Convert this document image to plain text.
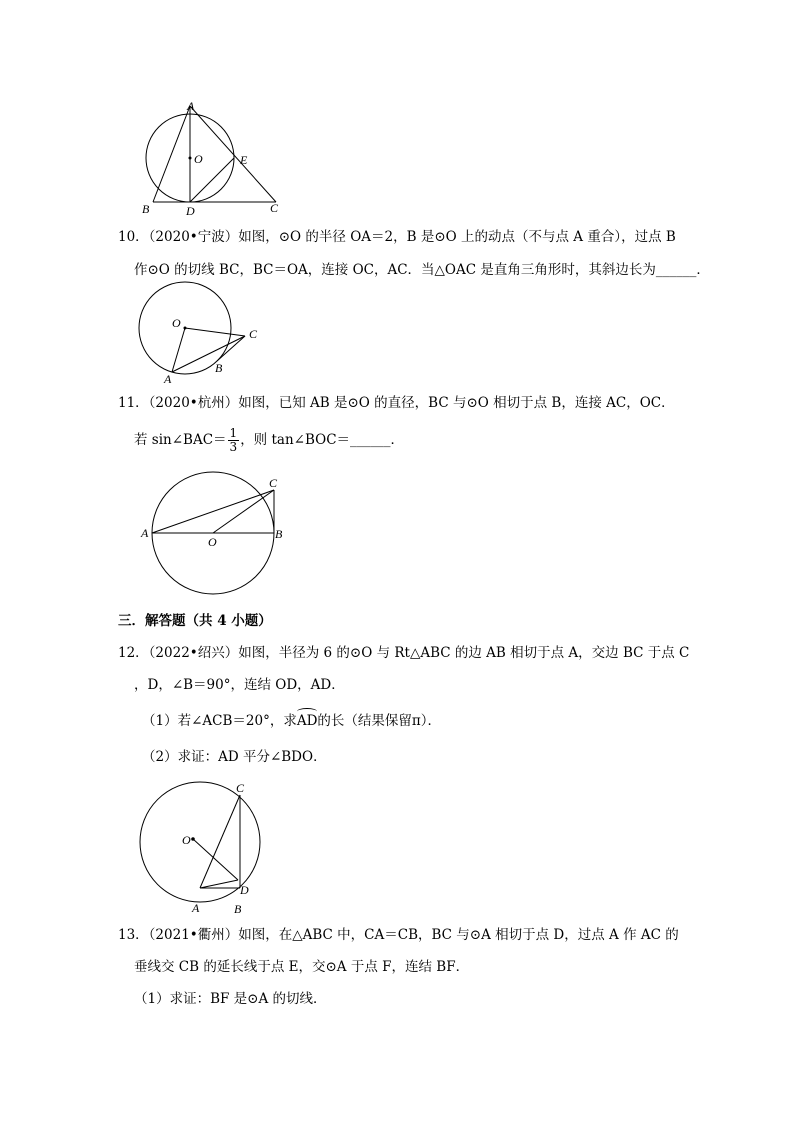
A
O	E
B	D	C
10．（2020•宁波）如图，⊙O 的半径 OA＝2，B 是⊙O 上的动点（不与点 A 重合），过点 B
作⊙O 的切线 BC，BC＝OA，连接 OC，AC．当△OAC 是直角三角形时，其斜边长为______．
O
C
B
A
11．（2020•杭州）如图，已知 AB 是⊙O 的直径，BC 与⊙O 相切于点 B，连接 AC，OC．
若 sin∠BAC＝ $\frac{1}{3}$ ，则 tan∠BOC＝______．
C
A
O
B
三．解答题（共 4 小题）
12．（2022•绍兴）如图，半径为 6 的⊙O 与 Rt△ABC 的边 AB 相切于点 A，交边 BC 于点 C
，D，∠B＝90°，连结 OD，AD．
（1）若∠ACB＝20°，求AD的长（结果保留π）．
（2）求证：AD 平分∠BDO．
C
O
D
A	B
13．（2021•衢州）如图，在△ABC 中，CA＝CB，BC 与⊙A 相切于点 D，过点 A 作 AC 的
垂线交 CB 的延长线于点 E，交⊙A 于点 F，连结 BF．
（1）求证：BF 是⊙A 的切线．
